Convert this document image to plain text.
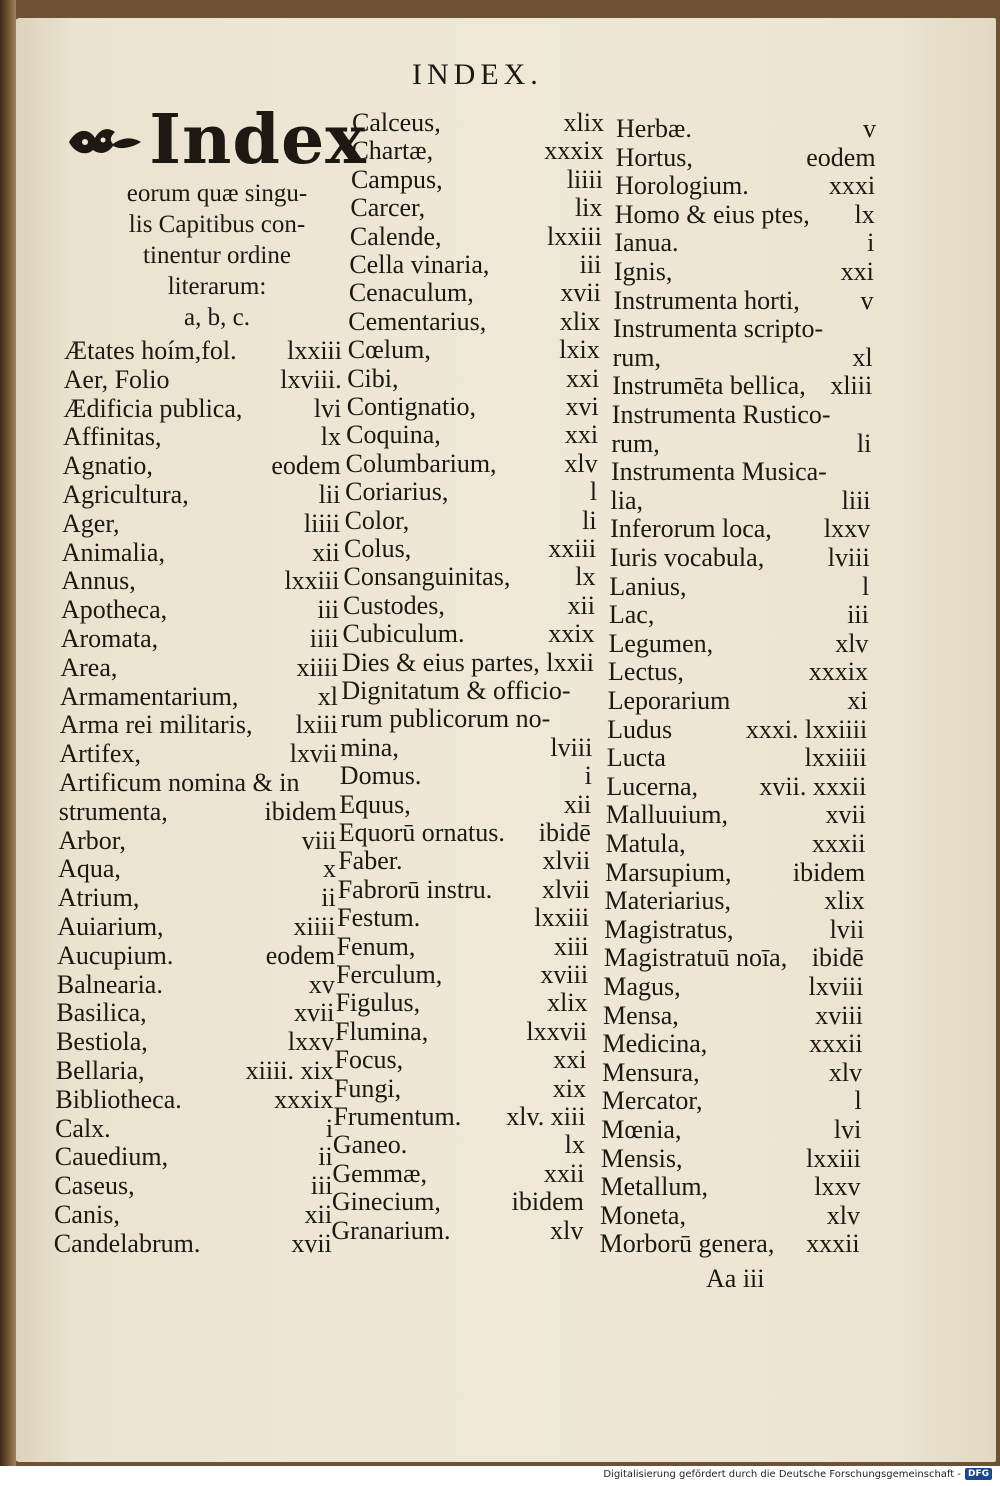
INDEX.
Index
eorum quæ singu-
lis Capitibus con-
tinentur ordine
literarum:
a, b, c.
Ætates hoím,fol. lxxiii
Aer, Folio	lxviii.
Ædificia publica,	lvi
Affinitas,	lx
Agnatio,	eodem
Agricultura,	lii
Ager,	liiii
Animalia,	xii
Annus,	lxxiii
Apotheca,	iii
Aromata,	iiii
Area,	xiiii
Armamentarium,	xl
Arma rei militaris, lxiii
Artifex,	lxvii
Artificum nomina & in
strumenta,	ibidem
Arbor,	viii
Aqua,	x
Atrium,	ii
Auiarium,	xiiii
Aucupium.	eodem
Balnearia.	xv
Basilica,	xvii
Bestiola,	lxxv
Bellaria,	xiiii. xix
Bibliotheca.	xxxix
Calx.	i
Cauedium,	ii
Caseus,	iii
Canis,	xii
Candelabrum.	xvii
Calceus,	xlix
Chartæ,	xxxix
Campus,	liiii
Carcer,	lix
Calende,	lxxiii
Cella vinaria,	iii
Cenaculum,	xvii
Cementarius,	xlix
Cœlum,	lxix
Cibi,	xxi
Contignatio,	xvi
Coquina,	xxi
Columbarium,	xlv
Coriarius,	l
Color,	li
Colus,	xxiii
Consanguinitas, lx
Custodes,	xii
Cubiculum.	xxix
Dies & eius partes, lxxii
Dignitatum & officio-
rum publicorum no-
mina,	lviii
Domus.	i
Equus,	xii
Equorū ornatus. ibidē
Faber.	xlvii
Fabrorū instru. xlvii
Festum.	lxxiii
Fenum,	xiii
Ferculum,	xviii
Figulus,	xlix
Flumina,	lxxvii
Focus,	xxi
Fungi,	xix
Frumentum. xlv. xiii
Ganeo.	lx
Gemmæ,	xxii
Ginecium,	ibidem
Granarium.	xlv
Herbæ.	v
Hortus,	eodem
Horologium.	xxxi
Homo & eius ptes, lx
Ianua.	i
Ignis,	xxi
Instrumenta horti, v
Instrumenta scripto-
rum,	xl
Instrumēta bellica, xliii
Instrumenta Rustico-
rum,	li
Instrumenta Musica-
lia,	liii
Inferorum loca, lxxv
Iuris vocabula, lviii
Lanius,	l
Lac,	iii
Legumen,	xlv
Lectus,	xxxix
Leporarium	xi
Ludus	xxxi. lxxiiii
Lucta	lxxiiii
Lucerna, xvii. xxxii
Malluuium,	xvii
Matula,	xxxii
Marsupium, ibidem
Materiarius,	xlix
Magistratus,	lvii
Magistratuū noīa, ibidē
Magus,	lxviii
Mensa,	xviii
Medicina,	xxxii
Mensura,	xlv
Mercator,	l
Mœnia,	lvi
Mensis,	lxxiii
Metallum,	lxxv
Moneta,	xlv
Morborū genera, xxxii
Aa iii
Digitalisierung gefördert durch die Deutsche Forschungsgemeinschaft - DFG
